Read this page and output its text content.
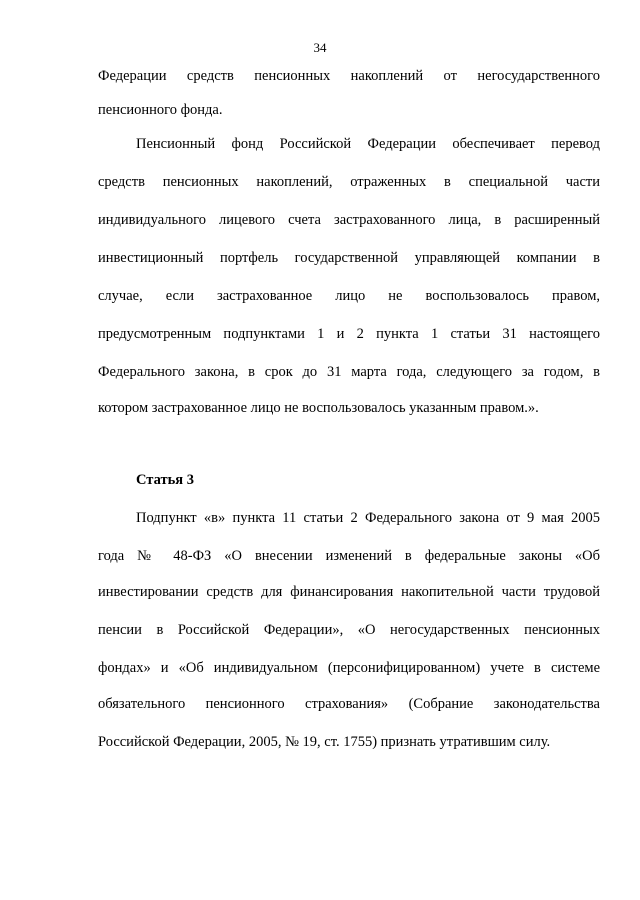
34
Федерации средств пенсионных накоплений от негосударственного
пенсионного фонда.
Пенсионный фонд Российской Федерации обеспечивает перевод
средств пенсионных накоплений, отраженных в специальной части
индивидуального лицевого счета застрахованного лица, в расширенный
инвестиционный портфель государственной управляющей компании в
случае, если застрахованное лицо не воспользовалось правом,
предусмотренным подпунктами 1 и 2 пункта 1 статьи 31 настоящего
Федерального закона, в срок до 31 марта года, следующего за годом, в
котором застрахованное лицо не воспользовалось указанным правом.».
Статья 3
Подпункт «в» пункта 11 статьи 2 Федерального закона от 9 мая 2005
года № 48-ФЗ «О внесении изменений в федеральные законы «Об
инвестировании средств для финансирования накопительной части трудовой
пенсии в Российской Федерации», «О негосударственных пенсионных
фондах» и «Об индивидуальном (персонифицированном) учете в системе
обязательного пенсионного страхования» (Собрание законодательства
Российской Федерации, 2005, № 19, ст. 1755) признать утратившим силу.
